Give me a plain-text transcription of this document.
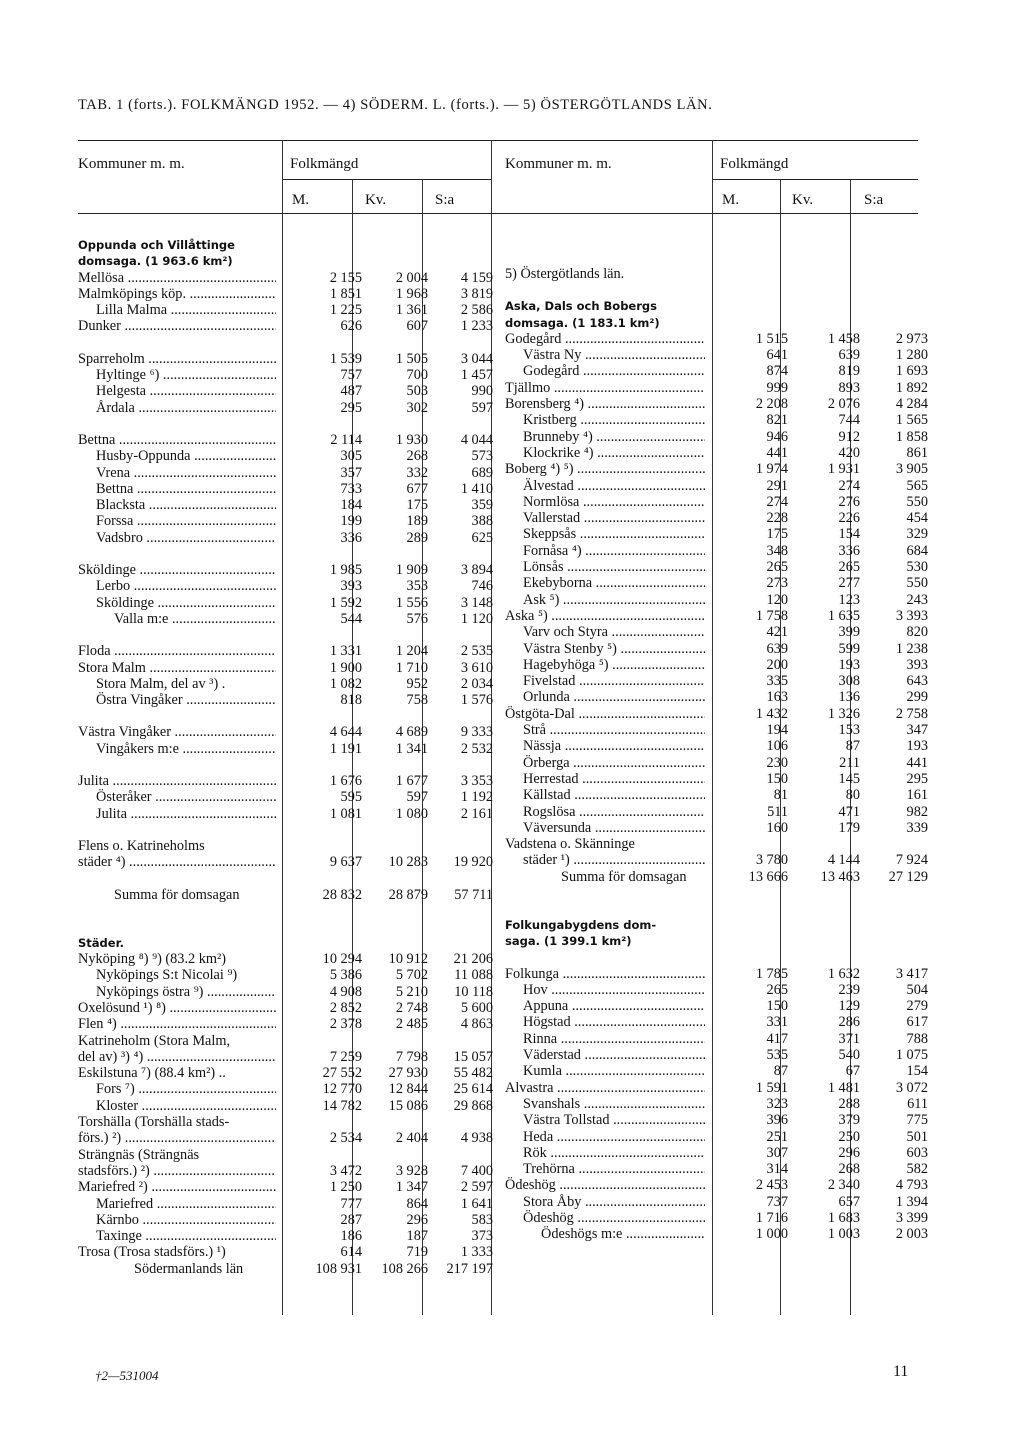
TAB. 1 (forts.). FOLKMÄNGD 1952. — 4) SÖDERM. L. (forts.). — 5) ÖSTERGÖTLANDS LÄN.
Kommuner m. m.	Folkmängd
M.	Kv.	S:a
Kommuner m. m.	Folkmängd
M.	Kv.	S:a
Oppunda och Villåttinge
domsaga. (1 963.6 km²)
Mellösa .....	2 155	2 004	4 159
Malmköpings köp. .....	1 851	1 968	3 819
Lilla Malma .....	1 225	1 361	2 586
Dunker .....	626	607	1 233
Sparreholm .....	1 539	1 505	3 044
Hyltinge ⁶) .....	757	700	1 457
Helgesta .....	487	503	990
Årdala .....	295	302	597
Bettna .....	2 114	1 930	4 044
Husby-Oppunda .....	305	268	573
Vrena .....	357	332	689
Bettna .....	733	677	1 410
Blacksta .....	184	175	359
Forssa .....	199	189	388
Vadsbro .....	336	289	625
Sköldinge .....	1 985	1 909	3 894
Lerbo .....	393	353	746
Sköldinge .....	1 592	1 556	3 148
Valla m:e .....	544	576	1 120
Floda .....	1 331	1 204	2 535
Stora Malm .....	1 900	1 710	3 610
Stora Malm, del av ³) .	1 082	952	2 034
Östra Vingåker .....	818	758	1 576
Västra Vingåker .....	4 644	4 689	9 333
Vingåkers m:e .....	1 191	1 341	2 532
Julita .....	1 676	1 677	3 353
Österåker .....	595	597	1 192
Julita .....	1 081	1 080	2 161
Flens o. Katrineholms
städer ⁴) .....	9 637	10 283	19 920
Summa för domsagan	28 832	28 879	57 711
Städer.
Nyköping ⁸) ⁹) (83.2 km²)	10 294	10 912	21 206
Nyköpings S:t Nicolai ⁹)	5 386	5 702	11 088
Nyköpings östra ⁹) .....	4 908	5 210	10 118
Oxelösund ¹) ⁸) .....	2 852	2 748	5 600
Flen ⁴) .....	2 378	2 485	4 863
Katrineholm (Stora Malm,
del av) ³) ⁴) .....	7 259	7 798	15 057
Eskilstuna ⁷) (88.4 km²) ..	27 552	27 930	55 482
Fors ⁷) .....	12 770	12 844	25 614
Kloster .....	14 782	15 086	29 868
Torshälla (Torshälla stads-
förs.) ²) .....	2 534	2 404	4 938
Strängnäs (Strängnäs
stadsförs.) ²) .....	3 472	3 928	7 400
Mariefred ²) .....	1 250	1 347	2 597
Mariefred .....	777	864	1 641
Kärnbo .....	287	296	583
Taxinge .....	186	187	373
Trosa (Trosa stadsförs.) ¹)	614	719	1 333
Södermanlands län	108 931	108 266	217 197
5) Östergötlands län.
Aska, Dals och Bobergs
domsaga. (1 183.1 km²)
Godegård .....	1 515	1 458	2 973
Västra Ny .....	641	639	1 280
Godegård .....	874	819	1 693
Tjällmo .....	999	893	1 892
Borensberg ⁴) .....	2 208	2 076	4 284
Kristberg .....	821	744	1 565
Brunneby ⁴) .....	946	912	1 858
Klockrike ⁴) .....	441	420	861
Boberg ⁴) ⁵) .....	1 974	1 931	3 905
Älvestad .....	291	274	565
Normlösa .....	274	276	550
Vallerstad .....	228	226	454
Skeppsås .....	175	154	329
Fornåsa ⁴) .....	348	336	684
Lönsås .....	265	265	530
Ekebyborna .....	273	277	550
Ask ⁵) .....	120	123	243
Aska ⁵) .....	1 758	1 635	3 393
Varv och Styra .....	421	399	820
Västra Stenby ⁵) .....	639	599	1 238
Hagebyhöga ⁵) .....	200	193	393
Fivelstad .....	335	308	643
Orlunda .....	163	136	299
Östgöta-Dal .....	1 432	1 326	2 758
Strå .....	194	153	347
Nässja .....	106	87	193
Örberga .....	230	211	441
Herrestad .....	150	145	295
Källstad .....	81	80	161
Rogslösa .....	511	471	982
Väversunda .....	160	179	339
Vadstena o. Skänninge
städer ¹) .....	3 780	4 144	7 924
Summa för domsagan	13 666	13 463	27 129
Folkungabygdens dom-
saga. (1 399.1 km²)
Folkunga .....	1 785	1 632	3 417
Hov .....	265	239	504
Appuna .....	150	129	279
Högstad .....	331	286	617
Rinna .....	417	371	788
Väderstad .....	535	540	1 075
Kumla .....	87	67	154
Alvastra .....	1 591	1 481	3 072
Svanshals .....	323	288	611
Västra Tollstad .....	396	379	775
Heda .....	251	250	501
Rök .....	307	296	603
Trehörna .....	314	268	582
Ödeshög .....	2 453	2 340	4 793
Stora Åby .....	737	657	1 394
Ödeshög .....	1 716	1 683	3 399
Ödeshögs m:e .....	1 000	1 003	2 003
†2—531004	11
